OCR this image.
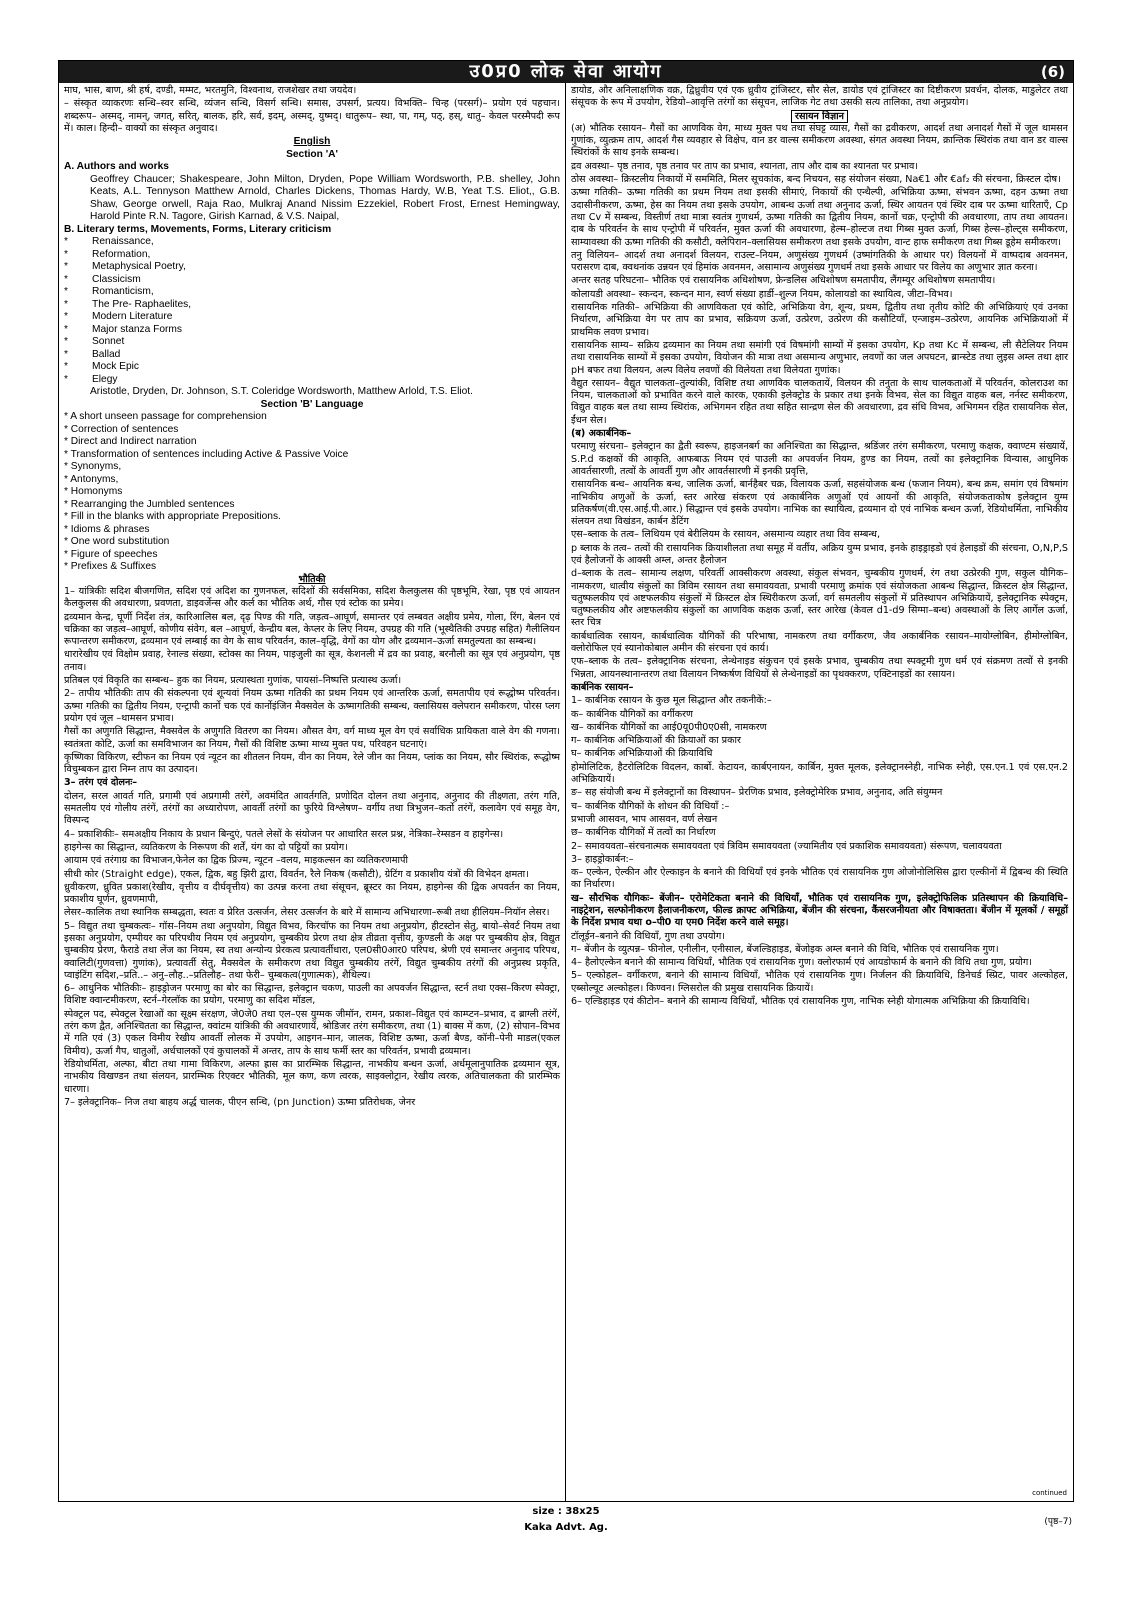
उ0प्र0 लोक सेवा आयोग	(6)

माघ, भास, बाण, श्री हर्ष, दण्डी, मम्मट, भरतमुनि, विश्वनाथ, राजशेखर तथा जयदेव।

– संस्कृत व्याकरणः सन्धि–स्वर सन्धि, व्यंजन सन्धि, विसर्ग सन्धि। समास, उपसर्ग, प्रत्यय। विभक्ति– चिन्ह (परसर्ग)– प्रयोग एवं पहचान। शब्दरूप– अस्मद्, नामन्, जगत्, सरित्, बालक, हरि, सर्व, इदम्, अस्मद्, युष्मद्। धातुरूप– स्था, पा, गम्, पठ्, हस्, धातु– केवल परस्मैपदी रूप में। काल। हिन्दी– वाक्यों का संस्कृत अनुवाद।

English
Section 'A'
A. Authors and works
Geoffrey Chaucer; Shakespeare, John Milton, Dryden, Pope William Wordsworth, P.B. shelley, John Keats, A.L. Tennyson Matthew Arnold, Charles Dickens, Thomas Hardy, W.B, Yeat T.S. Eliot,, G.B. Shaw, George orwell, Raja Rao, Mulkraj Anand Nissim Ezzekiel, Robert Frost, Ernest Hemingway, Harold Pinte R.N. Tagore, Girish Karnad, & V.S. Naipal,
B. Literary terms, Movements, Forms, Literary criticism
* Renaissance,
* Reformation,
* Metaphysical Poetry,
* Classicism
* Romanticism,
* The Pre- Raphaelites,
* Modern Literature
* Major stanza Forms
* Sonnet
* Ballad
* Mock Epic
* Elegy
Aristotle, Dryden, Dr. Johnson, S.T. Coleridge Wordsworth, Matthew Arlold, T.S. Eliot.
Section 'B' Language
* A short unseen passage for comprehension
* Correction of sentences
* Direct and Indirect narration
* Transformation of sentences including Active & Passive Voice
* Synonyms,
* Antonyms,
* Homonyms
* Rearranging the Jumbled sentences
* Fill in the blanks with appropriate Prepositions.
* Idioms & phrases
* One word substitution
* Figure of speeches
* Prefixes & Suffixes
भौतिकी

1– यांत्रिकीः सदिश बीजगणित, सदिश एवं अदिश का गुणनफल, सदिशों की सर्वसमिका, सदिश कैलकुलस की पृष्ठभूमि, रेखा, पृष्ठ एवं आयतन कैलकुलस की अवधारणा, प्रवणता, डाइवर्जेन्स और कर्ल का भौतिक अर्थ, गौस एवं स्टोक का प्रमेय।

द्रव्यमान केन्द्र, घूर्णी निर्देश तंत्र, कारिआलिस बल, दृढ़ पिण्ड की गति, जड़त्व–आघूर्ण, समान्तर एवं लम्बवत अक्षीय प्रमेय, गोला, रिंग, बेलन एवं चक्रिका का जड़त्व–आघूर्ण, कोणीय संवेग, बल –आघूर्ण, केन्द्रीय बल, केप्लर के लिए नियम, उपग्रह की गति (भूस्थैतिकी उपग्रह सहित) गैलीलियन रूपान्तरण समीकरण, द्रव्यमान एवं लम्बाई का वेग के साथ परिवर्तन, काल–वृद्धि, वेगों का योग और द्रव्यमान–ऊर्जा समतुल्यता का सम्बन्ध।

धारारेखीय एवं विक्षोम प्रवाह, रेनाल्ड संख्या, स्टोक्स का नियम, पाइजुली का सूत्र, केशनली में द्रव का प्रवाह, बरनौली का सूत्र एवं अनुप्रयोग, पृष्ठ तनाव।

प्रतिबल एवं विकृति का सम्बन्ध– हुक का नियम, प्रत्यास्थता गुणांक, पायसां–निष्पत्ति प्रत्यास्थ ऊर्जा।

2– तापीय भौतिकीः ताप की संकल्पना एवं शून्यवां नियम ऊष्मा गतिकी का प्रथम नियम एवं आन्तरिक ऊर्जा, समतापीय एवं रूद्धोष्म परिवर्तन। ऊष्मा गतिकी का द्वितीय नियम, एन्ट्रापी कार्नो चक एवं कार्नोइंजिन मैक्सवेल के ऊष्मागतिकी सम्बन्ध, क्लासियस क्लेपरान समीकरण, पोरस प्लग प्रयोग एवं जूल –थामसन प्रभाव।

गैसों का अणुगति सिद्धान्त, मैक्सवेल के अणुगति वितरण का नियम। औसत वेग, वर्ग माध्य मूल वेग एवं सर्वाधिक प्रायिकता वाले वेग की गणना। स्वतंत्रता कोटि, ऊर्जा का समविभाजन का नियम, गैसों की विशिष्ट ऊष्मा माध्य मुक्त पथ, परिवहन घटनाएं।

कृष्णिका विकिरण, स्टीफन का नियम एवं न्यूटन का शीतलन नियम, वीन का नियम, रेले जीन का नियम, प्लांक का नियम, सौर स्थिरांक, रूद्धोष्म विचुम्बकन द्वारा निम्न ताप का उत्पादन।

3– तरंग एवं दोलनः–

दोलन, सरल आवर्त गति, प्रगामी एवं अप्रगामी तरंगें, अवमंदित आवर्तगति, प्रणोदित दोलन तथा अनुनाद, अनुनाद की तीक्ष्णता, तरंग गति, समतलीय एवं गोलीय तरंगें, तरंगों का अध्यारोपण, आवर्ती तरंगों का फुरिये विश्लेषण– वर्गीय तथा त्रिभुजन–कर्तो तरंगें, कलावेग एवं समूह वेग, विस्पन्द

4– प्रकाशिकीः– समअक्षीय निकाय के प्रधान बिन्दुएं, पतले लेसों के संयोजन पर आधारित सरल प्रश्न, नेत्रिका–रेम्सडन व हाइगेन्स।

हाइगेन्स का सिद्धान्त, व्यतिकरण के निरूपण की शर्तें, यंग का दो पट्टियों का प्रयोग।

आयाम एवं तरंगाग्र का विभाजन,फेनेल का द्विक प्रिज्म, न्यूटन –वलय, माइकल्सन का व्यतिकरणमापी

सीधी कोर (Straight edge), एकल, द्विक, बहु झिरी द्वारा, विवर्तन, रैले निकष (कसौटी), ग्रेटिंग व प्रकाशीय यंत्रों की विभेदन क्षमता।

ध्रुवीकरण, ध्रुवित प्रकाश(रेखीय, वृत्तीय व दीर्घवृत्तीय) का उत्पन्न करना तथा संसूचन, ब्रूस्टर का नियम, हाइगेन्स की द्विक अपवर्तन का नियम, प्रकाशीय घूर्णन, ध्रुवणमापी,

लेसर–कालिक तथा स्थानिक सम्बद्धता, स्वतः व प्रेरित उत्सर्जन, लेसर उत्सर्जन के बारे में सामान्य अभिधारणा–रूबी तथा हीलियम–नियॉन लेसर।

5– विद्युत तथा चुम्बकत्वः– गॉस–नियम तथा अनुपयोग, विद्युत विभव, किरचॉफ का नियम तथा अनुप्रयोग, हीटस्टोन सेतु, बायो–सेवर्ट नियम तथा इसका अनुप्रयोग, एम्पीयर का परिपथीय नियम एवं अनुप्रयोग, चुम्बकीय प्रेरण तथा क्षेत्र तीव्रता वृत्तीय, कुण्डली के अक्ष पर चुम्बकीय क्षेत्र, विद्युत चुम्बकीय प्रेरण, फैराडे तथा लेंज का नियम, स्व तथा अन्योन्य प्रेरकत्व प्रत्यावर्तीधारा, एल0सी0आर0 परिपथ, श्रेणी एवं समान्तर अनुनाद परिपथ, क्वालिटी(गुणवत्ता) गुणांक), प्रत्यावर्ती सेतु, मैक्सवेल के समीकरण तथा विद्युत चुम्बकीय तरंगें, विद्युत चुम्बकीय तरंगों की अनुप्रस्थ प्रकृति, प्वाइंटिंग सदिश,–प्रति..– अनु–लौह..–प्रतिलौह– तथा फेरी– चुम्बकत्व(गुणात्मक), शैथिल्य।

6– आधुनिक भौतिकीः– हाइड्रोजन परमाणु का बोर का सिद्धान्त, इलेक्ट्रान चकण, पाउली का अपवर्जन सिद्धान्त, स्टर्न तथा एक्स–किरण स्पेक्ट्रा, विशिष्ट क्वान्टमीकरण, स्टर्न–गेरलॉक का प्रयोग, परमाणु का सदिश मॉडल,

स्पेक्ट्रल पद, स्पेक्ट्रल रेखाओं का सूक्ष्म संरक्षण, जे0जे0 तथा एल–एस युग्मक जीमॉन, रामन, प्रकाश–विद्युत एवं काम्प्टन–प्रभाव, द ब्राग्ली तरंगें, तरंग कण द्वैत, अनिश्चितता का सिद्धान्त, क्वांटम यांत्रिकी की अवधारणायें, श्रोडिजर तरंग समीकरण, तथा (1) बाक्स में कण, (2) सोपान–विभव में गति एवं (3) एकल विमीय रेखीय आवर्ती लोलक में उपयोग, आइगन–मान, जालक, विशिष्ट ऊष्मा, ऊर्जा बैण्ड, कॉनी–पेनी माडल(एकल विमीय), ऊर्जा गैप, धातुओं, अर्धचालकों एवं कुचालकों में अन्तर, ताप के साथ फर्मी स्तर का परिवर्तन, प्रभावी द्रव्यमान।

रेडियोधर्मिता, अल्फा, बीटा तथा गामा विकिरण, अल्फा ह्रास का प्रारम्भिक सिद्धान्त, नाभकीय बन्धन ऊर्जा, अर्धमूलानुपातिक द्रव्यमान सूत्र, नाभकीय विखण्डन तथा संलयन, प्रारम्भिक रिएक्टर भौतिकी, मूल कण, कण त्वरक, साइक्लोट्रान, रेखीय त्वरक, अतिचालकता की प्रारम्भिक धारणा।

7– इलेक्ट्रानिक– निज तथा बाहय अर्द्ध चालक, पीएन सन्धि, (pn Junction) ऊष्मा प्रतिरोधक, जेनर

डायोड, और अनिलाक्षणिक वक्र, द्विध्रुवीय एवं एक ध्रुवीय ट्रांजिस्टर, सौर सेल, डायोड एवं ट्रांजिस्टर का दिष्टीकरण प्रवर्धन, दोलक, माडुलेटर तथा संसूचक के रूप में उपयोग, रेडियो–आवृत्ति तरंगों का संसूचन, लाजिक गेट तथा उसकी सत्य तालिका, तथा अनुप्रयोग।

रसायन विज्ञान

(अ) भौतिक रसायन– गैसों का आणविक वेग, माध्य मुक्त पथ तथा संघट्ट व्यास, गैसों का द्रवीकरण, आदर्श तथा अनादर्श गैसों में जूल थामसन गुणांक, व्युत्क्रम ताप, आदर्श गैस व्यवहार से विक्षेप, वान डर वाल्स समीकरण अवस्था, संगत अवस्था नियम, क्रान्तिक स्थिरांक तथा वान डर वाल्स स्थिरांकों के साथ इनके सम्बन्ध।

द्रव अवस्था– पृष्ठ तनाव, पृष्ठ तनाव पर ताप का प्रभाव, श्यानता, ताप और दाब का श्यानता पर प्रभाव।

ठोस अवस्था– क्रिस्टलीय निकायों में सममिति, मिलर सूचकांक, बन्द निचयन, सह संयोजन संख्या, Na€1 और €af₂ की संरचना, क्रिस्टल दोष।

ऊष्मा गतिकी– ऊष्मा गतिकी का प्रथम नियम तथा इसकी सीमाएं, निकायों की एन्थैल्पी, अभिक्रिया ऊष्मा, संभवन ऊष्मा, दहन ऊष्मा तथा उदासीनीकरण, ऊष्मा, हेस का नियम तथा इसके उपयोग, आबन्ध ऊर्जा तथा अनुनाद ऊर्जा, स्थिर आयतन एवं स्थिर दाब पर ऊष्मा धारिताएँ, Cp तथा Cv में सम्बन्ध, विस्तीर्ण तथा मात्रा स्वतंत्र गुणधर्म, ऊष्मा गतिकी का द्वितीय नियम, कार्नो चक्र, एन्ट्रोपी की अवधारणा, ताप तथा आयतन। दाब के परिवर्तन के साथ एन्ट्रोपी में परिवर्तन, मुक्त ऊर्जा की अवधारणा, हेल्म–होल्टज तथा गिब्स मुक्त ऊर्जा, गिब्स हेल्स–होल्ट्स समीकरण, साम्यावस्था की ऊष्मा गतिकी की कसौटी, क्लेपिरान–क्लासियस समीकरण तथा इसके उपयोग, वान्ट हाफ समीकरण तथा गिब्स डूहेम समीकरण।

तनु विलियन– आदर्श तथा अनादर्श विलयन, राउल्ट–नियम, अणुसंख्य गुणधर्म (उष्मांगतिकी के आधार पर) विलयनों में वाष्पदाब अवनमन, परासरण दाब, क्वथनांक उन्नयन एवं हिमांक अवनमन, असामान्य अणुसंख्य गुणधर्म तथा इसके आधार पर विलेय का अणुभार ज्ञात करना।

अन्तर सतह परिघटना– भौतिक एवं रासायनिक अधिशोषण, फ्रेन्डलिस अधिशोषण समतापीय, लैंगम्यूर अधिशोषण समतापीय।

कोलायडी अवस्था– स्कन्दन, स्कन्दन मान, स्वर्ण संख्या हार्डी–शुल्ज नियम, कोलायडो का स्थायित्व, जीटा–विभव।

रासायनिक गतिकी– अभिक्रिया की आणविकता एवं कोटि, अभिक्रिया वेग, शून्य, प्रथम, द्वितीय तथा तृतीय कोटि की अभिक्रियाएं एवं उनका निर्धारण, अभिक्रिया वेग पर ताप का प्रभाव, सक्रियण ऊर्जा, उत्प्रेरण, उत्प्रेरण की कसौटियाँ, एन्जाइम–उत्प्रेरण, आयनिक अभिक्रियाओं में प्राथमिक लवण प्रभाव।

रासायनिक साम्य– सक्रिय द्रव्यमान का नियम तथा समांगी एवं विषमांगी साम्यों में इसका उपयोग, Kp तथा Kc में सम्बन्ध, ली सैटेलियर नियम तथा रासायनिक साम्यों में इसका उपयोग, वियोजन की मात्रा तथा असमान्य अणुभार, लवणों का जल अपघटन, ब्रान्स्टेड तथा लुइस अम्ल तथा क्षार pH बफर तथा विलयन, अल्प विलेय लवणों की विलेयता तथा विलेयता गुणांक।

वैद्युत रसायन– वैद्युत चालकता–तुल्यांकी, विशिष्ट तथा आणविक चालकतायें, विलयन की तनुता के साथ चालकताओं में परिवर्तन, कोलराउश का नियम, चालकताओं को प्रभावित करने वाले कारक, एकाकी इलेक्ट्रोड के प्रकार तथा इनके विभव, सेल का विद्युत वाहक बल, नर्नस्ट समीकरण, विद्युत वाहक बल तथा साम्य स्थिरांक, अभिगमन रहित तथा सहित सान्द्रण सेल की अवधारणा, द्रव संधि विभव, अभिगमन रहित रासायनिक सेल, ईंधन सेल।

(ब) अकार्बनिक–

परमाणु संरचना– इलेक्ट्रान का द्वैती स्वरूप, हाइजनबर्ग का अनिश्चिता का सिद्धान्त, श्रडिंजर तरंग समीकरण, परमाणु कक्षक, क्वाण्टम संख्यायें, S.P.d कक्षकों की आकृति, आफबाऊ नियम एवं पाउली का अपवर्जन नियम, हुण्ड का नियम, तत्वों का इलेक्ट्रानिक विन्यास, आधुनिक आवर्तसारणी, तत्वों के आवर्ती गुण और आवर्तसारणी में इनकी प्रवृत्ति,

रासायनिक बन्ध– आयनिक बन्ध, जालिक ऊर्जा, बार्नहैबर चक्र, विलायक ऊर्जा, सहसंयोजक बन्ध (फजान नियम), बन्ध क्रम, समांग एवं विषमांग नाभिकीय अणुओं के ऊर्जा, स्तर आरेख संकरण एवं अकार्बनिक अणुओं एवं आयनों की आकृति, संयोजकताकोष इलेक्ट्रान युग्म प्रतिकर्षण(वी.एस.आई.पी.आर.) सिद्धान्त एवं इसके उपयोग। नाभिक का स्थायित्व, द्रव्यमान दो एवं नाभिक बन्धन ऊर्जा, रेडियोधर्मिता, नाभिकीय संलयन तथा विखंडन, कार्बन डेटिंग

एस–ब्लाक के तत्व– लिथियम एवं बेरीलियम के रसायन, असमान्य व्यहार तथा विव सम्बन्ध,

p ब्लाक के तत्व– तत्वों की रासायनिक क्रियाशीलता तथा समूह में वर्तीय, अक्रिय युग्म प्रभाव, इनके हाइड्राइडो एवं हेलाइडों की संरचना, O,N,P,S एवं हैलोजनों के आक्सी अम्ल, अन्तर हैलोजन

d–ब्लाक के तत्व– सामान्य लक्षण, परिवर्ती आक्सीकरण अवस्था, संकुल संभवन, चुम्बकीय गुणधर्म, रंग तथा उत्प्रेरकी गुण, सकुल यौगिक–नामकरण, धात्वीय संकुलों का त्रिविम रसायन तथा समावयवता, प्रभावी परमाणु क्रमांक एवं संयोजकता आबन्ध सिद्धान्त, क्रिस्टल क्षेत्र सिद्धान्त, चतुष्फलकीय एवं अष्टफलकीय संकुलों में क्रिस्टल क्षेत्र स्थिरीकरण ऊर्जा, वर्ग समतलीय संकुलों में प्रतिस्थापन अभिक्रियायें, इलेक्ट्रानिक स्पेक्ट्रम, चतुष्फलकीय और अष्टफलकीय संकुलों का आणविक कक्षक ऊर्जा, स्तर आरेख (केवल d1-d9 सिग्मा–बन्ध) अवस्थाओं के लिए आर्गेल ऊर्जा, स्तर चित्र

कार्बधात्विक रसायन, कार्बधात्विक यौगिकों की परिभाषा, नामकरण तथा वर्गीकरण, जैव अकार्बनिक रसायन–मायोग्लोबिन, हीमोग्लोबिन, क्लोरोफिल एवं स्यानोकोबाल अमीन की संरचना एवं कार्य।

एफ–ब्लाक के तत्व– इलेक्ट्रानिक संरचना, लेन्थेनाइड संकुचन एवं इसके प्रभाव, चुम्बकीय तथा स्पक्ट्रमी गुण धर्म एवं संक्रमण तत्वों से इनकी भिन्नता, आयनस्थानान्तरण तथा विलायन निष्कर्षण विधियों से लेन्थेनाइडों का पृथक्करण, एक्टिनाइडों का रसायन।

कार्बनिक रसायन–

1– कार्बनिक रसायन के कुछ मूल सिद्धान्त और तकनीकें:–

क– कार्बनिक यौगिकों का वर्गीकरण

ख– कार्बनिक यौगिकों का आई0यू0पी0ए0सी, नामकरण

ग– कार्बनिक अभिक्रियाओं की क्रियाओं का प्रकार

घ– कार्बनिक अभिक्रियाओं की क्रियाविधि

होमोलिटिक, हैटरोलिटिक विदलन, कार्बो. केटायन, कार्बएनायन, कार्बिन, मुक्त मूलक, इलेक्ट्रानस्नेही, नाभिक स्नेही, एस.एन.1 एवं एस.एन.2 अभिक्रियायें।

ङ– सह संयोजी बन्ध में इलेक्ट्रानों का विस्थापन– प्रेरणिक प्रभाव, इलेक्ट्रोमेरिक प्रभाव, अनुनाद, अति संयुग्मन

च– कार्बनिक यौगिकों के शोधन की विधियाँ :–

प्रभाजी आसवन, भाप आसवन, वर्ण लेखन

छ– कार्बनिक यौगिकों में तत्वों का निर्धारण

2– समावयवता–संरचनात्मक समावयवता एवं त्रिविम समावयवता (ज्यामितीय एवं प्रकाशिक समावयवता) संरूपण, चलावयवता

3– हाइड्रोकार्बन:–

क– एल्केन, ऐल्कीन और ऐल्काइन के बनाने की विधियाँ एवं इनके भौतिक एवं रासायनिक गुण ओजोनोलिसिस द्वारा एल्कीनों में द्विबन्ध की स्थिति का निर्धारण।

ख– सौरभिक यौगिकः– बेंजीन– एरोमेटिकता बनाने की विधियाँ, भौतिक एवं रासायनिक गुण, इलेक्ट्रोफिलिक प्रतिस्थापन की क्रियाविधि– नाइट्रेशन, सल्फोनीकरण हैलाजनीकरण, फील्ड क्राफ्ट अभिक्रिया, बेंजीन की संरचना, कैंसरजनीयता और विषाक्तता। बेंजीन में मूलकों / समूहों के निर्देश प्रभाव यथा o–पी0 या एम0 निर्देश करने वाले समूह।

टॉलूईन–बनाने की विधियाँ, गुण तथा उपयोग।

ग– बेंजीन के व्युत्पन्न– फीनोल, एनीलीन, एनीसाल, बेंजल्डिहाइड, बेंजोइक अम्ल बनाने की विधि, भौतिक एवं रासायनिक गुण।

4– हैलोएल्केन बनाने की सामान्य विधियाँ, भौतिक एवं रासायनिक गुण। क्लोरफार्म एवं आयडोफार्म के बनाने की विधि तथा गुण, प्रयोग।

5– एल्कोहल– वर्गीकरण, बनाने की सामान्य विधियाँ, भौतिक एवं रासायनिक गुण। निर्जलन की क्रियाविधि, डिनेचर्ड स्प्रिट, पावर अल्कोहल, एब्सोल्यूट अल्कोहल। किण्वन। ग्लिसरोल की प्रमुख रासायनिक क्रियायें।

6– एल्डिहाइड एवं कीटोन– बनाने की सामान्य विधियाँ, भौतिक एवं रासायनिक गुण, नाभिक स्नेही योगात्मक अभिक्रिया की क्रियाविधि।

continued
size : 38x25
Kaka Advt. Ag.	(पृष्ठ–7)
